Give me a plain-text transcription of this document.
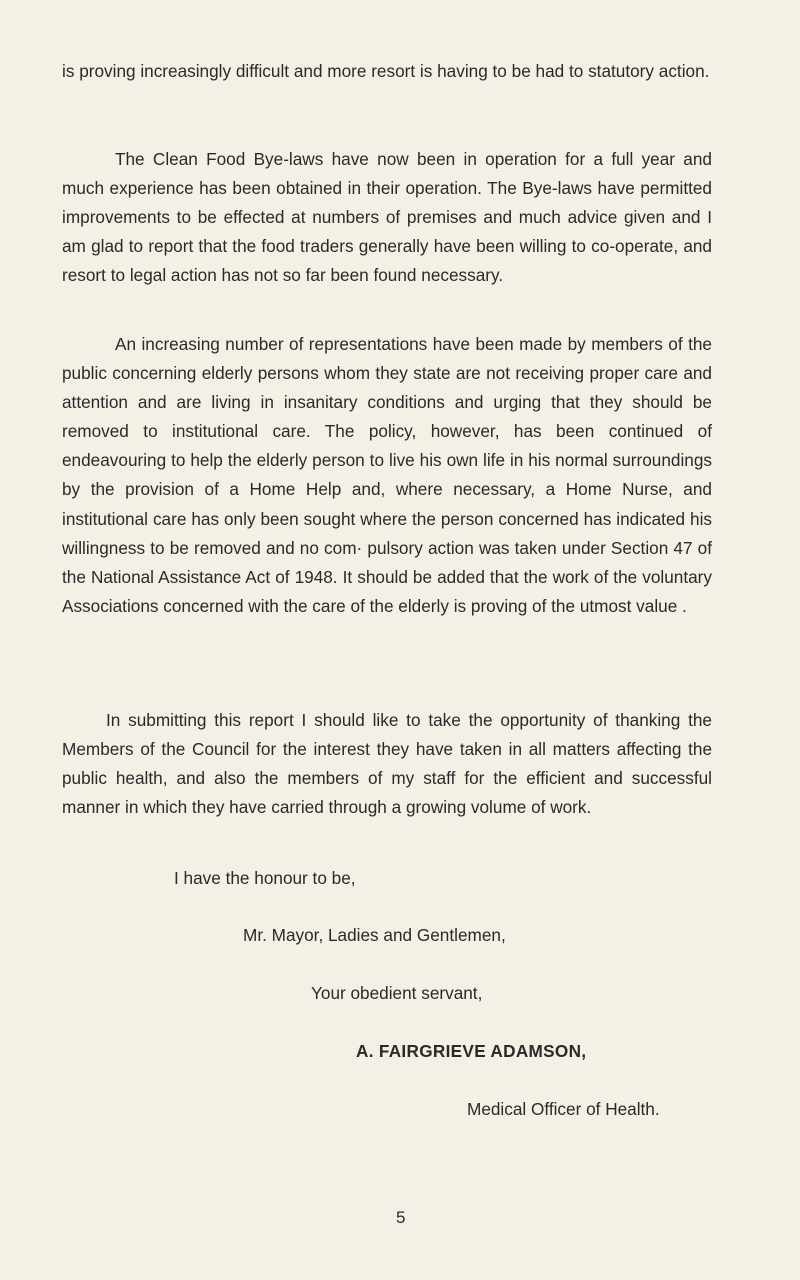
is proving increasingly difficult and more resort is having to be had to statutory action.

The Clean Food Bye-laws have now been in operation for a full year and much experience has been obtained in their operation. The Bye-laws have permitted improvements to be effected at numbers of premises and much advice given and I am glad to report that the food traders generally have been willing to co-operate, and resort to legal action has not so far been found necessary.

An increasing number of representations have been made by members of the public concerning elderly persons whom they state are not receiving proper care and attention and are living in insanitary conditions and urging that they should be removed to institutional care. The policy, however, has been continued of endeavouring to help the elderly person to live his own life in his normal surroundings by the provision of a Home Help and, where necessary, a Home Nurse, and institutional care has only been sought where the person concerned has indicated his willingness to be removed and no com· pulsory action was taken under Section 47 of the National Assistance Act of 1948. It should be added that the work of the voluntary Associations concerned with the care of the elderly is proving of the utmost value .

In submitting this report I should like to take the opportunity of thanking the Members of the Council for the interest they have taken in all matters affecting the public health, and also the members of my staff for the efficient and successful manner in which they have carried through a growing volume of work.

I have the honour to be,

Mr. Mayor, Ladies and Gentlemen,

Your obedient servant,

A. FAIRGRIEVE ADAMSON,

Medical Officer of Health.

5
